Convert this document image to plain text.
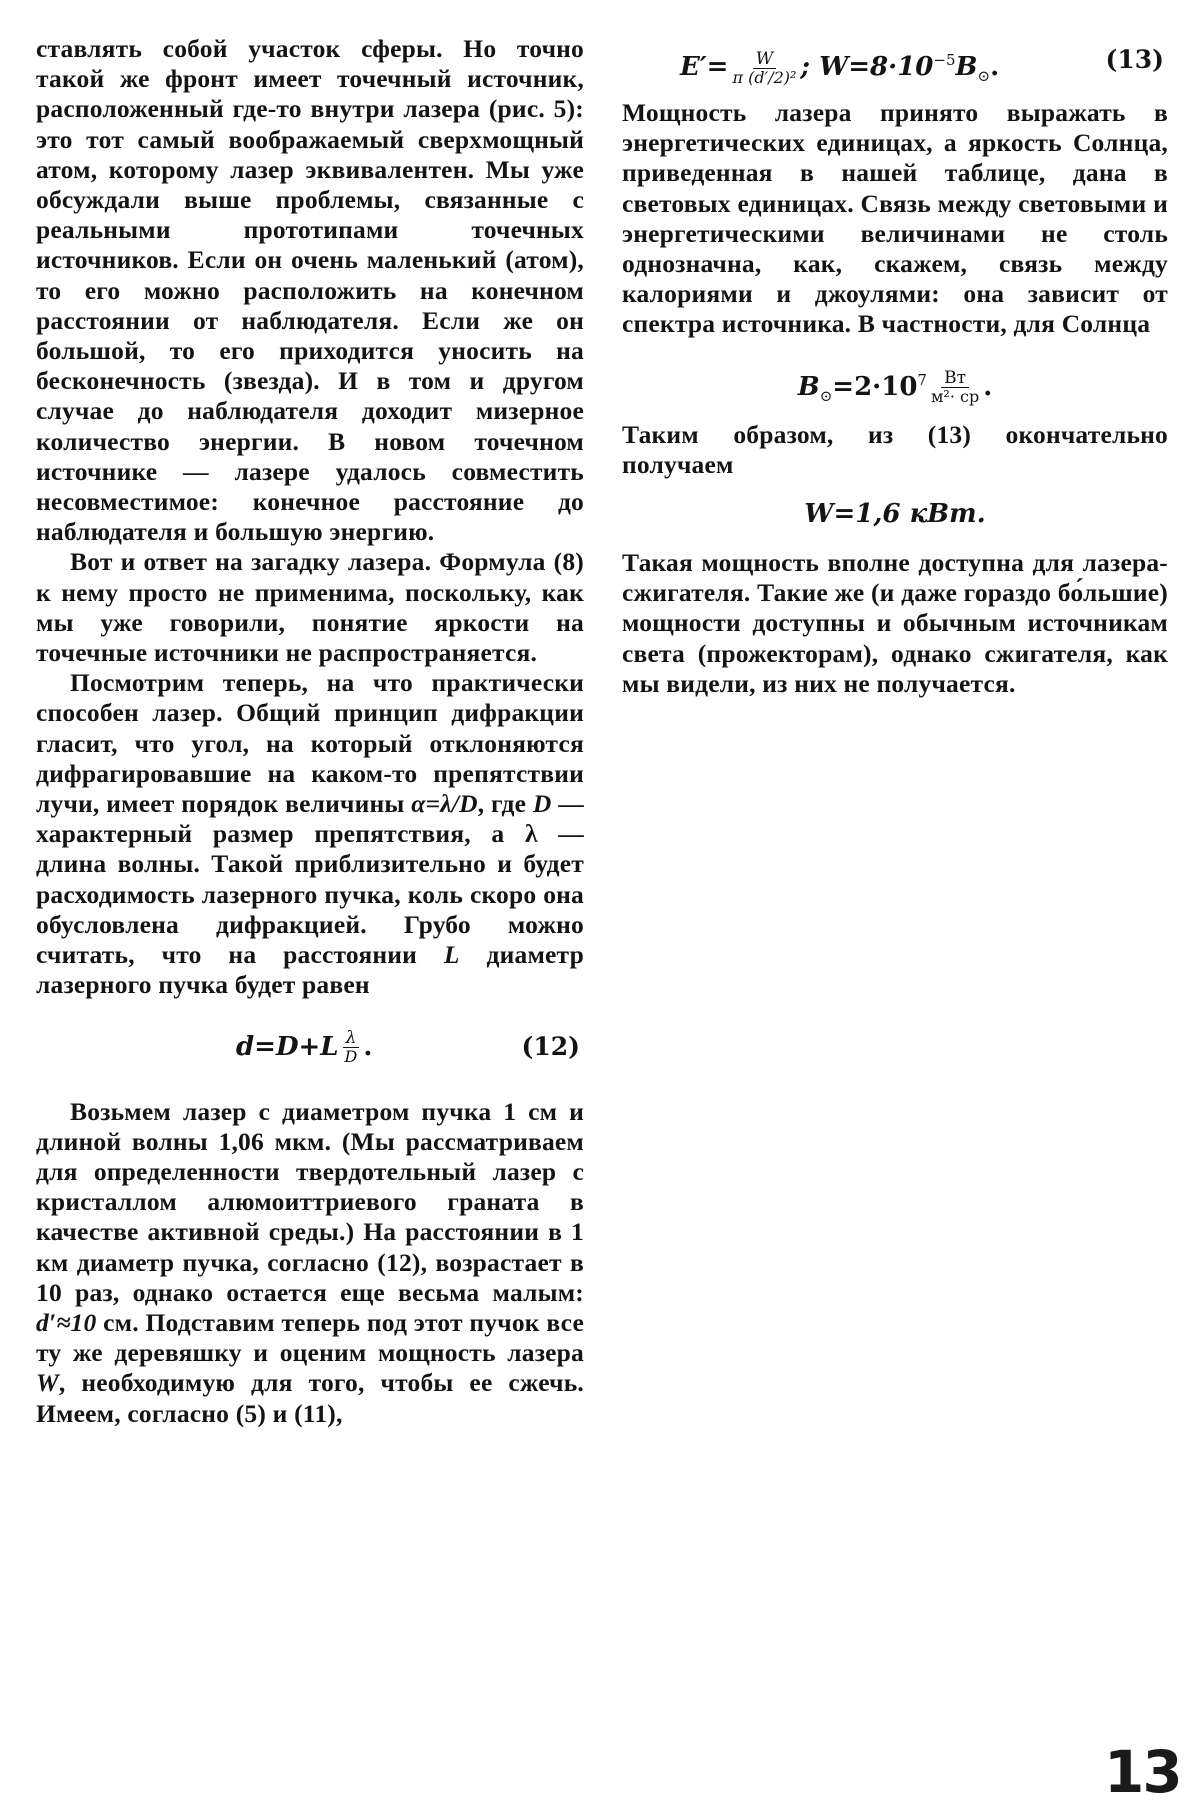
ставлять собой участок сферы. Но точно такой же фронт имеет точечный источник, расположенный где-то внутри лазера (рис. 5): это тот самый воображаемый сверхмощный атом, которому лазер эквивалентен. Мы уже обсуждали выше проблемы, связанные с реальными прототипами точечных источников. Если он очень маленький (атом), то его можно расположить на конечном расстоянии от наблюдателя. Если же он большой, то его приходится уносить на бесконечность (звезда). И в том и другом случае до наблюдателя доходит мизерное количество энергии. В новом точечном источнике — лазере удалось совместить несовместимое: конечное расстояние до наблюдателя и большую энергию.

Вот и ответ на загадку лазера. Формула (8) к нему просто не применима, поскольку, как мы уже говорили, понятие яркости на точечные источники не распространяется.

Посмотрим теперь, на что практически способен лазер. Общий принцип дифракции гласит, что угол, на который отклоняются дифрагировавшие на каком-то препятствии лучи, имеет порядок величины α=λ/D, где D — характерный размер препятствия, а λ — длина волны. Такой приблизительно и будет расходимость лазерного пучка, коль скоро она обусловлена дифракцией. Грубо можно считать, что на расстоянии L диаметр лазерного пучка будет равен

$d=D+L \frac{\lambda}{D}$ .	(12)

Возьмем лазер с диаметром пучка 1 см и длиной волны 1,06 мкм. (Мы рассматриваем для определенности твердотельный лазер с кристаллом алюмоиттриевого граната в качестве активной среды.) На расстоянии в 1 км диаметр пучка, согласно (12), возрастает в 10 раз, однако остается еще весьма малым: d′≈10 см. Подставим теперь под этот пучок все ту же деревяшку и оценим мощность лазера W, необходимую для того, чтобы ее сжечь. Имеем, согласно (5) и (11),

$E'= \frac{W}{\text{π (d′/2)²}}$ ; $W=8\cdot 10^{-5}B_⊙$.	(13)

Мощность лазера принято выражать в энергетических единицах, а яркость Солнца, приведенная в нашей таблице, дана в световых единицах. Связь между световыми и энергетическими величинами не столь однозначна, как, скажем, связь между калориями и джоулями: она зависит от спектра источника. В частности, для Солнца

$B_⊙=2\cdot 10^7 \frac{Вт}{\text{м²· ср}}$ .

Таким образом, из (13) окончательно получаем

W=1,6 кВт.

Такая мощность вполне доступна для лазера-сжигателя. Такие же (и даже гораздо бо́льшие) мощности доступны и обычным источникам света (прожекторам), однако сжигателя, как мы видели, из них не получается.

13
